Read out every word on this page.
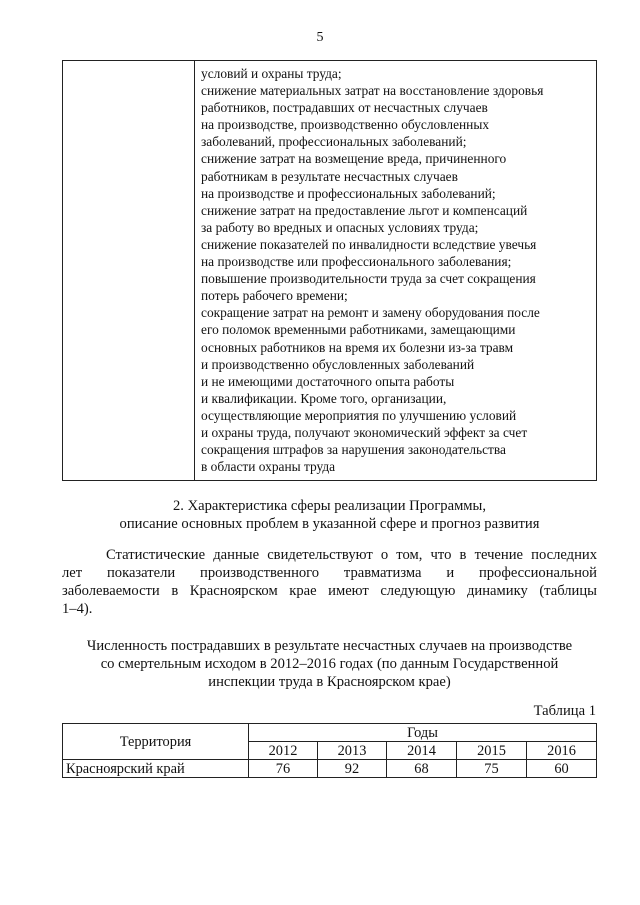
5

условий и охраны труда;
снижение материальных затрат на восстановление здоровья
работников, пострадавших от несчастных случаев
на производстве, производственно обусловленных
заболеваний, профессиональных заболеваний;
снижение затрат на возмещение вреда, причиненного
работникам в результате несчастных случаев
на производстве и профессиональных заболеваний;
снижение затрат на предоставление льгот и компенсаций
за работу во вредных и опасных условиях труда;
снижение показателей по инвалидности вследствие увечья
на производстве или профессионального заболевания;
повышение производительности труда за счет сокращения
потерь рабочего времени;
сокращение затрат на ремонт и замену оборудования после
его поломок временными работниками, замещающими
основных работников на время их болезни из-за травм
и производственно обусловленных заболеваний
и не имеющими достаточного опыта работы
и квалификации. Кроме того, организации,
осуществляющие мероприятия по улучшению условий
и охраны труда, получают экономический эффект за счет
сокращения штрафов за нарушения законодательства
в области охраны труда
2. Характеристика сферы реализации Программы,
описание основных проблем в указанной сфере и прогноз развития
Статистические данные свидетельствуют о том, что в течение последних
лет показатели производственного травматизма и профессиональной
заболеваемости в Красноярском крае имеют следующую динамику (таблицы
1–4).
Численность пострадавших в результате несчастных случаев на производстве
со смертельным исходом в 2012–2016 годах (по данным Государственной
инспекции труда в Красноярском крае)
Таблица 1
Территория	Годы				
	2012	2013	2014	2015	2016
Красноярский край	76	92	68	75	60
